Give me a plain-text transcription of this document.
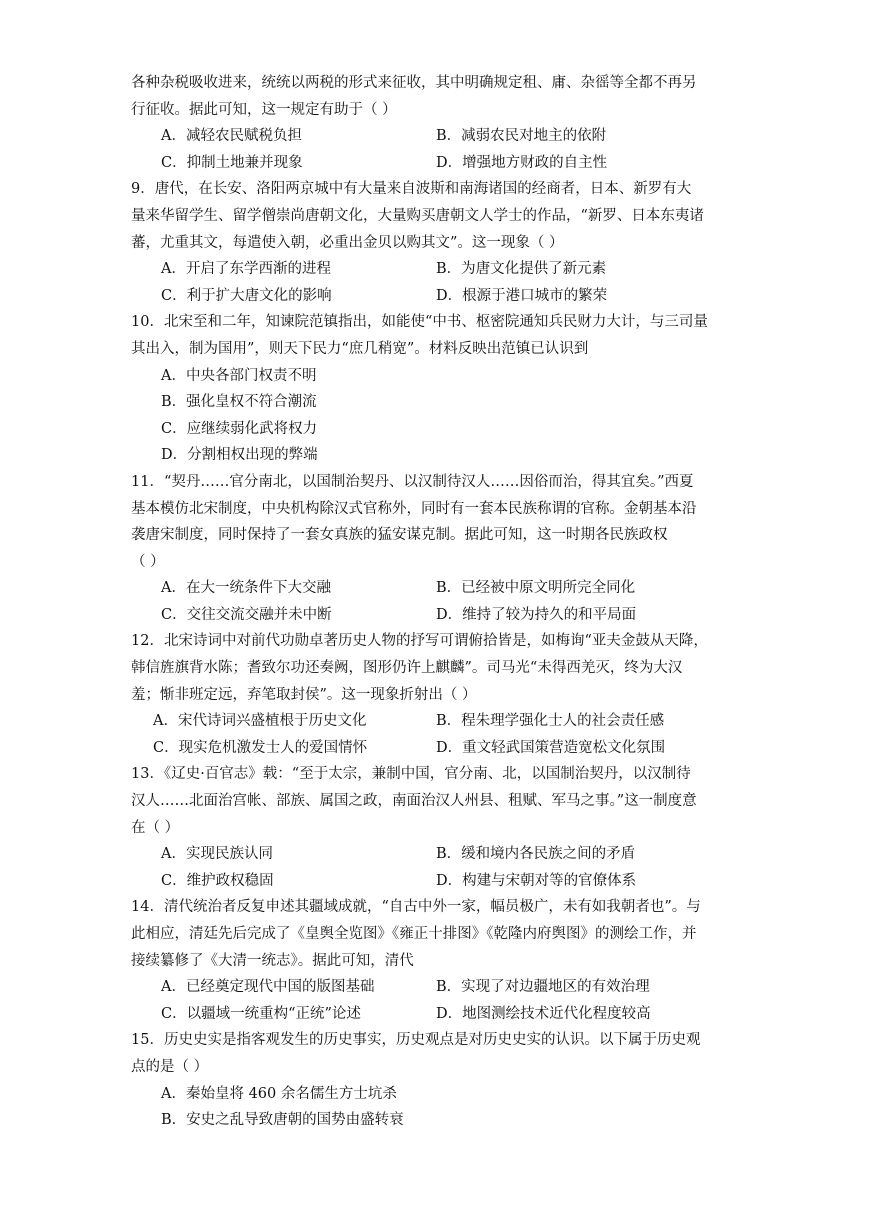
各种杂税吸收进来，统统以两税的形式来征收，其中明确规定租、庸、杂徭等全都不再另
行征收。据此可知，这一规定有助于（ ）
A．减轻农民赋税负担	B．减弱农民对地主的依附
C．抑制土地兼并现象	D．增强地方财政的自主性
9．唐代，在长安、洛阳两京城中有大量来自波斯和南海诸国的经商者，日本、新罗有大
量来华留学生、留学僧崇尚唐朝文化，大量购买唐朝文人学士的作品，“新罗、日本东夷诸
蕃，尤重其文，每遣使入朝，必重出金贝以购其文”。这一现象（ ）
A．开启了东学西渐的进程	B．为唐文化提供了新元素
C．利于扩大唐文化的影响	D．根源于港口城市的繁荣
10．北宋至和二年，知谏院范镇指出，如能使“中书、枢密院通知兵民财力大计，与三司量
其出入，制为国用”，则天下民力“庶几稍宽”。材料反映出范镇已认识到
A．中央各部门权责不明
B．强化皇权不符合潮流
C．应继续弱化武将权力
D．分割相权出现的弊端
11．“契丹……官分南北，以国制治契丹、以汉制待汉人……因俗而治，得其宜矣。”西夏
基本模仿北宋制度，中央机构除汉式官称外，同时有一套本民族称谓的官称。金朝基本沿
袭唐宋制度，同时保持了一套女真族的猛安谋克制。据此可知，这一时期各民族政权
（ ）
A．在大一统条件下大交融	B．已经被中原文明所完全同化
C．交往交流交融并未中断	D．维持了较为持久的和平局面
12．北宋诗词中对前代功勋卓著历史人物的抒写可谓俯拾皆是，如梅询“亚夫金鼓从天降，
韩信旌旗背水陈；耆致尔功还奏阙，图形仍许上麒麟”。司马光“未得西羌灭，终为大汉
羞；惭非班定远，弃笔取封侯”。这一现象折射出（ ）
A．宋代诗词兴盛植根于历史文化	B．程朱理学强化士人的社会责任感
C．现实危机激发士人的爱国情怀	D．重文轻武国策营造宽松文化氛围
13．《辽史·百官志》载：“至于太宗，兼制中国，官分南、北，以国制治契丹，以汉制待
汉人……北面治宫帐、部族、属国之政，南面治汉人州县、租赋、军马之事。”这一制度意
在（ ）
A．实现民族认同	B．缓和境内各民族之间的矛盾
C．维护政权稳固	D．构建与宋朝对等的官僚体系
14．清代统治者反复申述其疆域成就，“自古中外一家，幅员极广，未有如我朝者也”。与
此相应，清廷先后完成了《皇舆全览图》《雍正十排图》《乾隆内府舆图》的测绘工作，并
接续纂修了《大清一统志》。据此可知，清代
A．已经奠定现代中国的版图基础	B．实现了对边疆地区的有效治理
C．以疆域一统重构“正统”论述	D．地图测绘技术近代化程度较高
15．历史史实是指客观发生的历史事实，历史观点是对历史史实的认识。以下属于历史观
点的是（ ）
A．秦始皇将 460 余名儒生方士坑杀
B．安史之乱导致唐朝的国势由盛转衰
